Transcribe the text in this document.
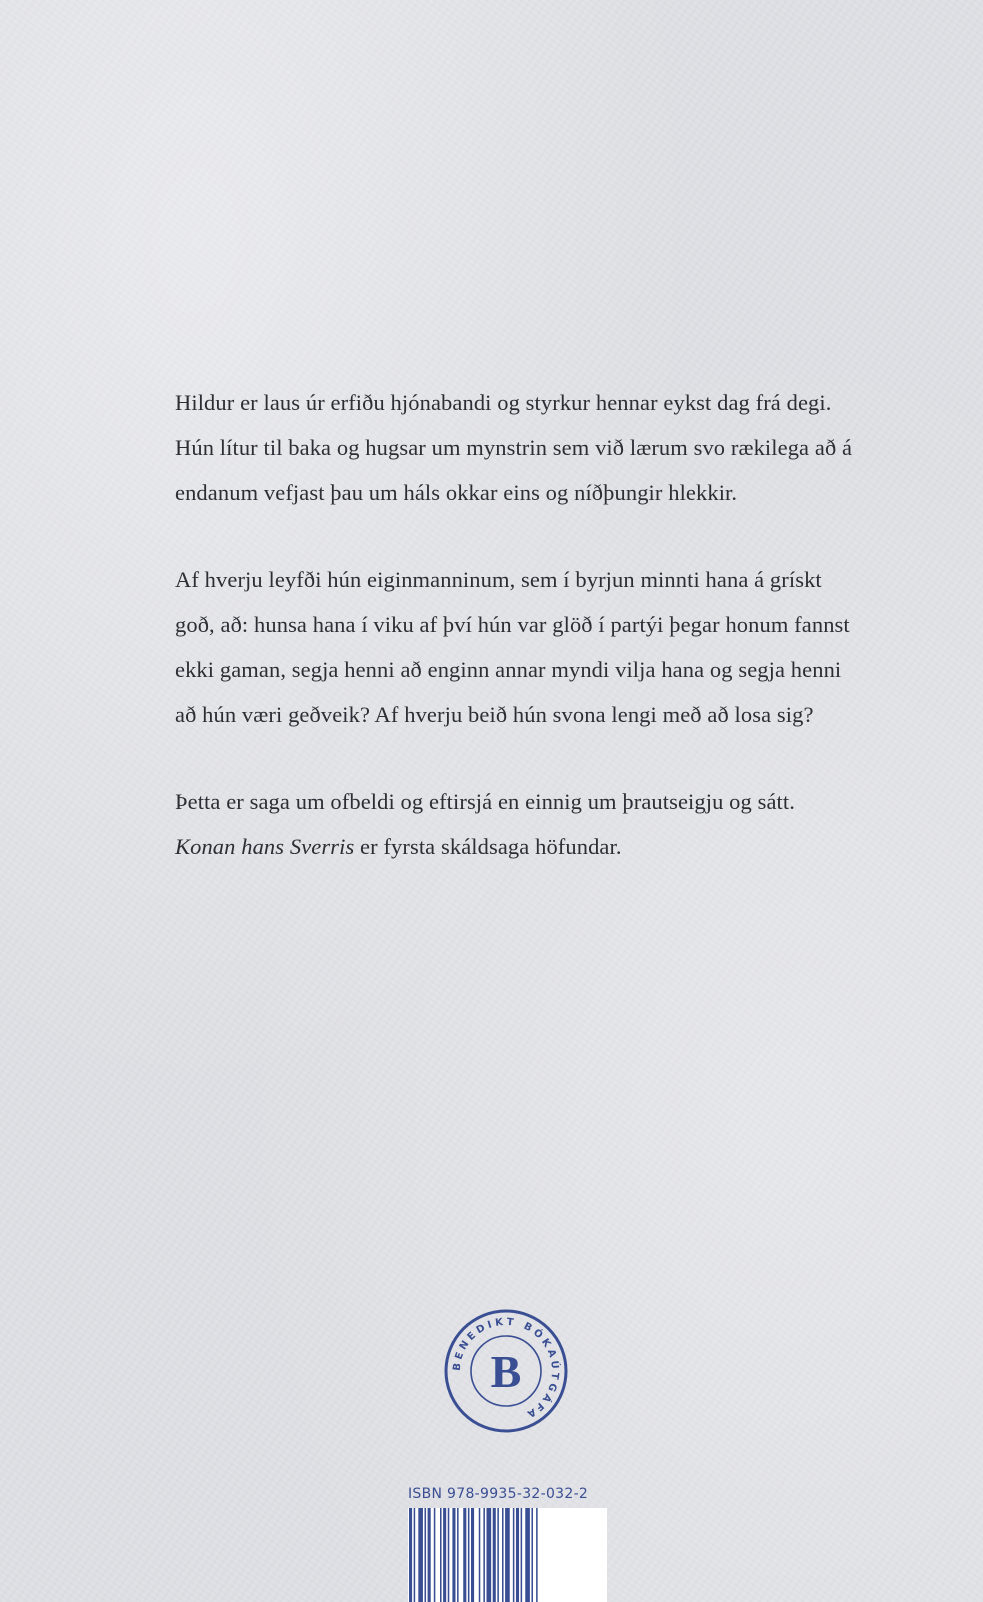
Hildur er laus úr erfiðu hjónabandi og styrkur hennar eykst dag frá degi. Hún lítur til baka og hugsar um mynstrin sem við lærum svo rækilega að á endanum vefjast þau um háls okkar eins og níðþungir hlekkir.

Af hverju leyfði hún eiginmanninum, sem í byrjun minnti hana á grískt goð, að: hunsa hana í viku af því hún var glöð í partýi þegar honum fannst ekki gaman, segja henni að enginn annar myndi vilja hana og segja henni að hún væri geðveik? Af hverju beið hún svona lengi með að losa sig?

Þetta er saga um ofbeldi og eftirsjá en einnig um þrautseigju og sátt. Konan hans Sverris er fyrsta skáldsaga höfundar.

BENEDIKT BÓKAÚTGÁFA
B
ISBN 978-9935-32-032-2
